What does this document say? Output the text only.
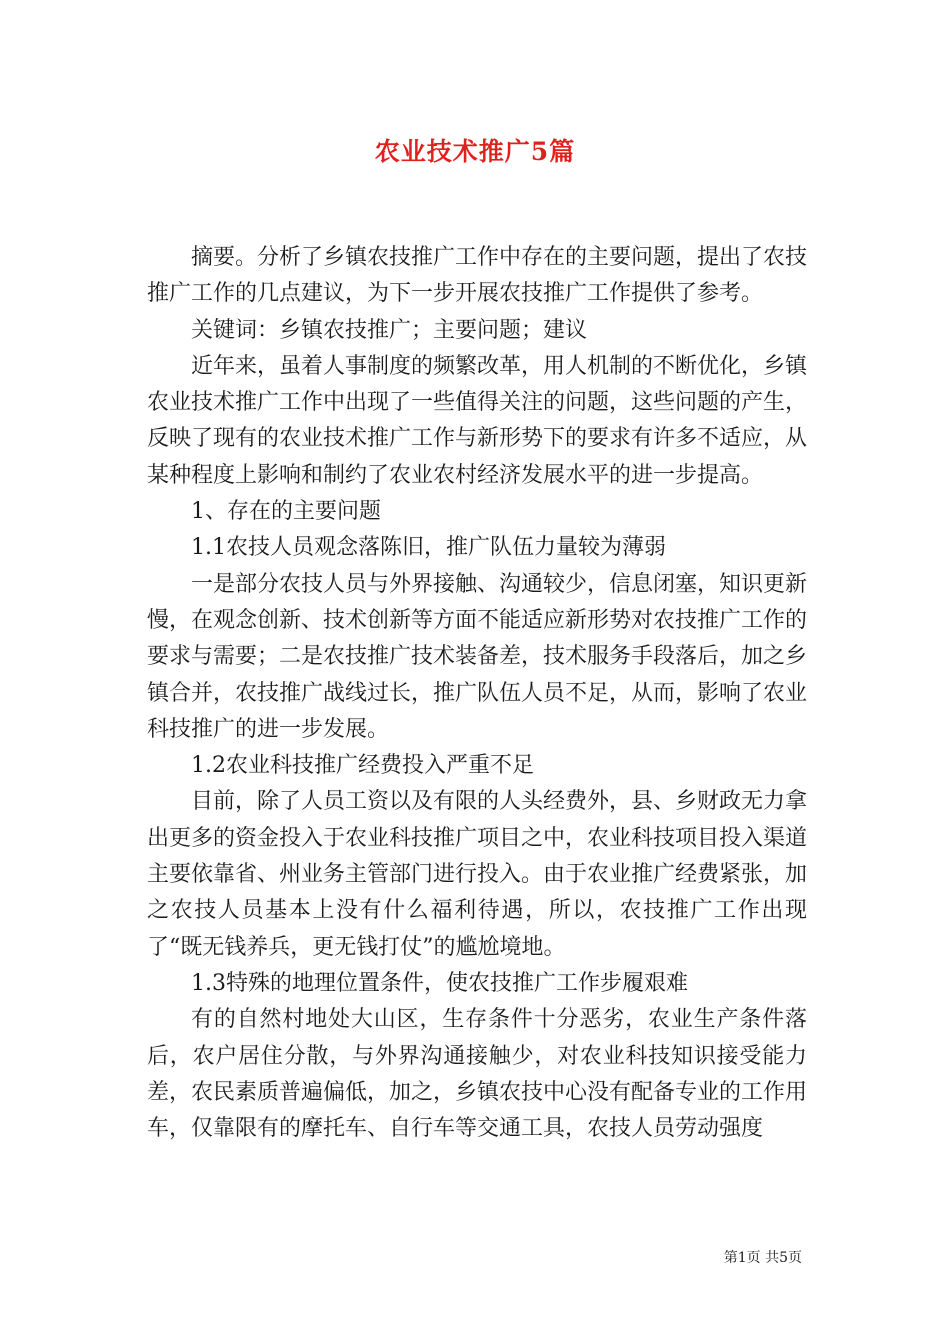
农业技术推广5篇

摘要。分析了乡镇农技推广工作中存在的主要问题，提出了农技推广工作的几点建议，为下一步开展农技推广工作提供了参考。

关键词：乡镇农技推广；主要问题；建议

近年来，虽着人事制度的频繁改革，用人机制的不断优化，乡镇农业技术推广工作中出现了一些值得关注的问题，这些问题的产生，反映了现有的农业技术推广工作与新形势下的要求有许多不适应，从某种程度上影响和制约了农业农村经济发展水平的进一步提高。

1、存在的主要问题

1.1农技人员观念落陈旧，推广队伍力量较为薄弱

一是部分农技人员与外界接触、沟通较少，信息闭塞，知识更新慢，在观念创新、技术创新等方面不能适应新形势对农技推广工作的要求与需要；二是农技推广技术装备差，技术服务手段落后，加之乡镇合并，农技推广战线过长，推广队伍人员不足，从而，影响了农业科技推广的进一步发展。

1.2农业科技推广经费投入严重不足

目前，除了人员工资以及有限的人头经费外，县、乡财政无力拿出更多的资金投入于农业科技推广项目之中，农业科技项目投入渠道主要依靠省、州业务主管部门进行投入。由于农业推广经费紧张，加之农技人员基本上没有什么福利待遇，所以，农技推广工作出现了“既无钱养兵，更无钱打仗”的尴尬境地。

1.3特殊的地理位置条件，使农技推广工作步履艰难

有的自然村地处大山区，生存条件十分恶劣，农业生产条件落后，农户居住分散，与外界沟通接触少，对农业科技知识接受能力差，农民素质普遍偏低，加之，乡镇农技中心没有配备专业的工作用车，仅靠限有的摩托车、自行车等交通工具，农技人员劳动强度

第1页 共5页
